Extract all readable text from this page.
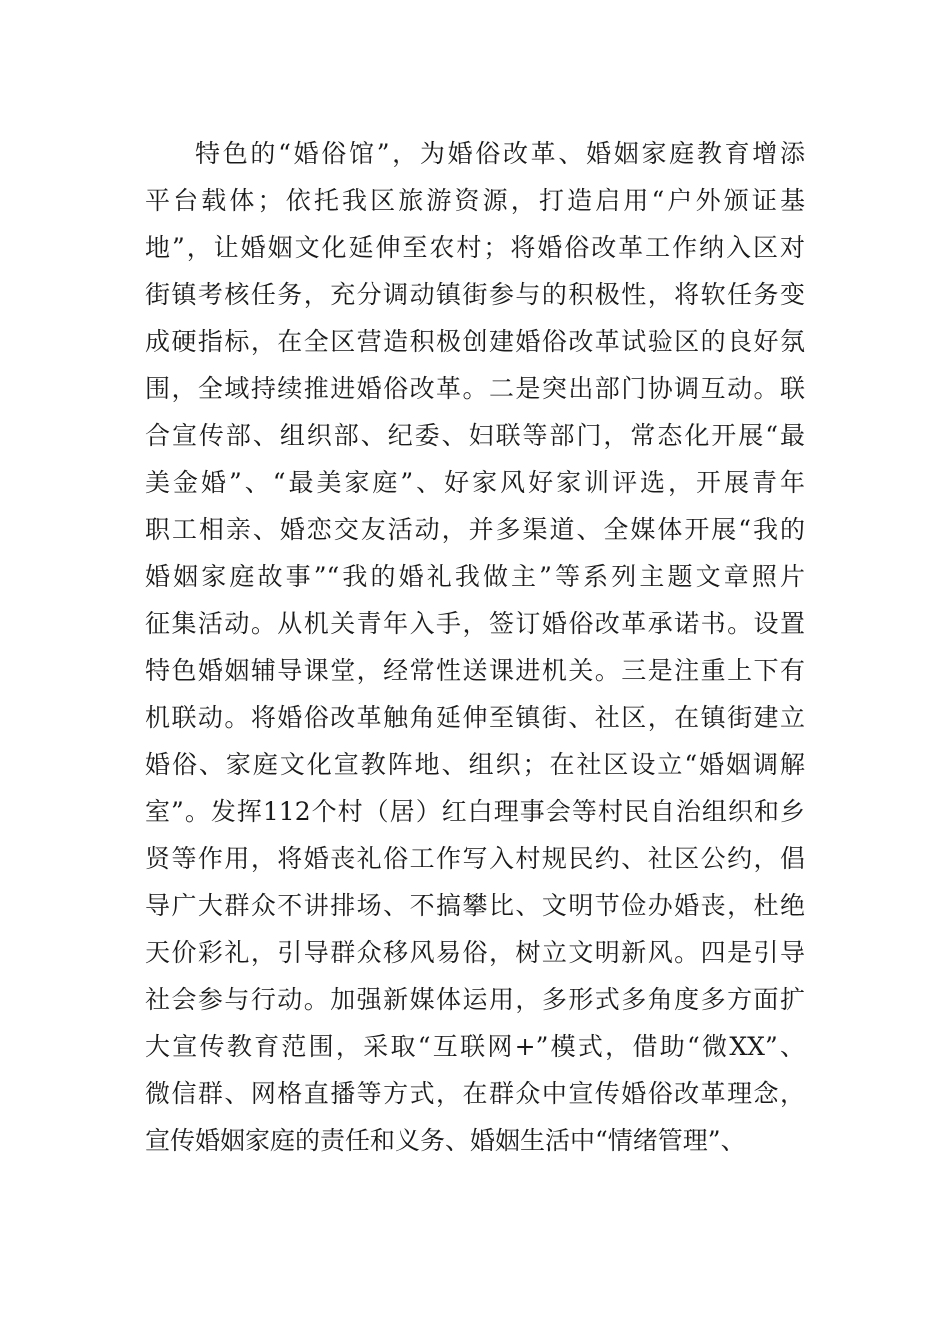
特色的“婚俗馆”，为婚俗改革、婚姻家庭教育增添
平台载体；依托我区旅游资源，打造启用“户外颁证基
地”，让婚姻文化延伸至农村；将婚俗改革工作纳入区对
街镇考核任务，充分调动镇街参与的积极性，将软任务变
成硬指标，在全区营造积极创建婚俗改革试验区的良好氛
围，全域持续推进婚俗改革。二是突出部门协调互动。联
合宣传部、组织部、纪委、妇联等部门，常态化开展“最
美金婚”、“最美家庭”、好家风好家训评选，开展青年
职工相亲、婚恋交友活动，并多渠道、全媒体开展“我的
婚姻家庭故事”“我的婚礼我做主”等系列主题文章照片
征集活动。从机关青年入手，签订婚俗改革承诺书。设置
特色婚姻辅导课堂，经常性送课进机关。三是注重上下有
机联动。将婚俗改革触角延伸至镇街、社区，在镇街建立
婚俗、家庭文化宣教阵地、组织；在社区设立“婚姻调解
室”。发挥112个村（居）红白理事会等村民自治组织和乡
贤等作用，将婚丧礼俗工作写入村规民约、社区公约，倡
导广大群众不讲排场、不搞攀比、文明节俭办婚丧，杜绝
天价彩礼，引导群众移风易俗，树立文明新风。四是引导
社会参与行动。加强新媒体运用，多形式多角度多方面扩
大宣传教育范围，采取“互联网+”模式，借助“微XX”、
微信群、网格直播等方式，在群众中宣传婚俗改革理念，
宣传婚姻家庭的责任和义务、婚姻生活中“情绪管理”、
